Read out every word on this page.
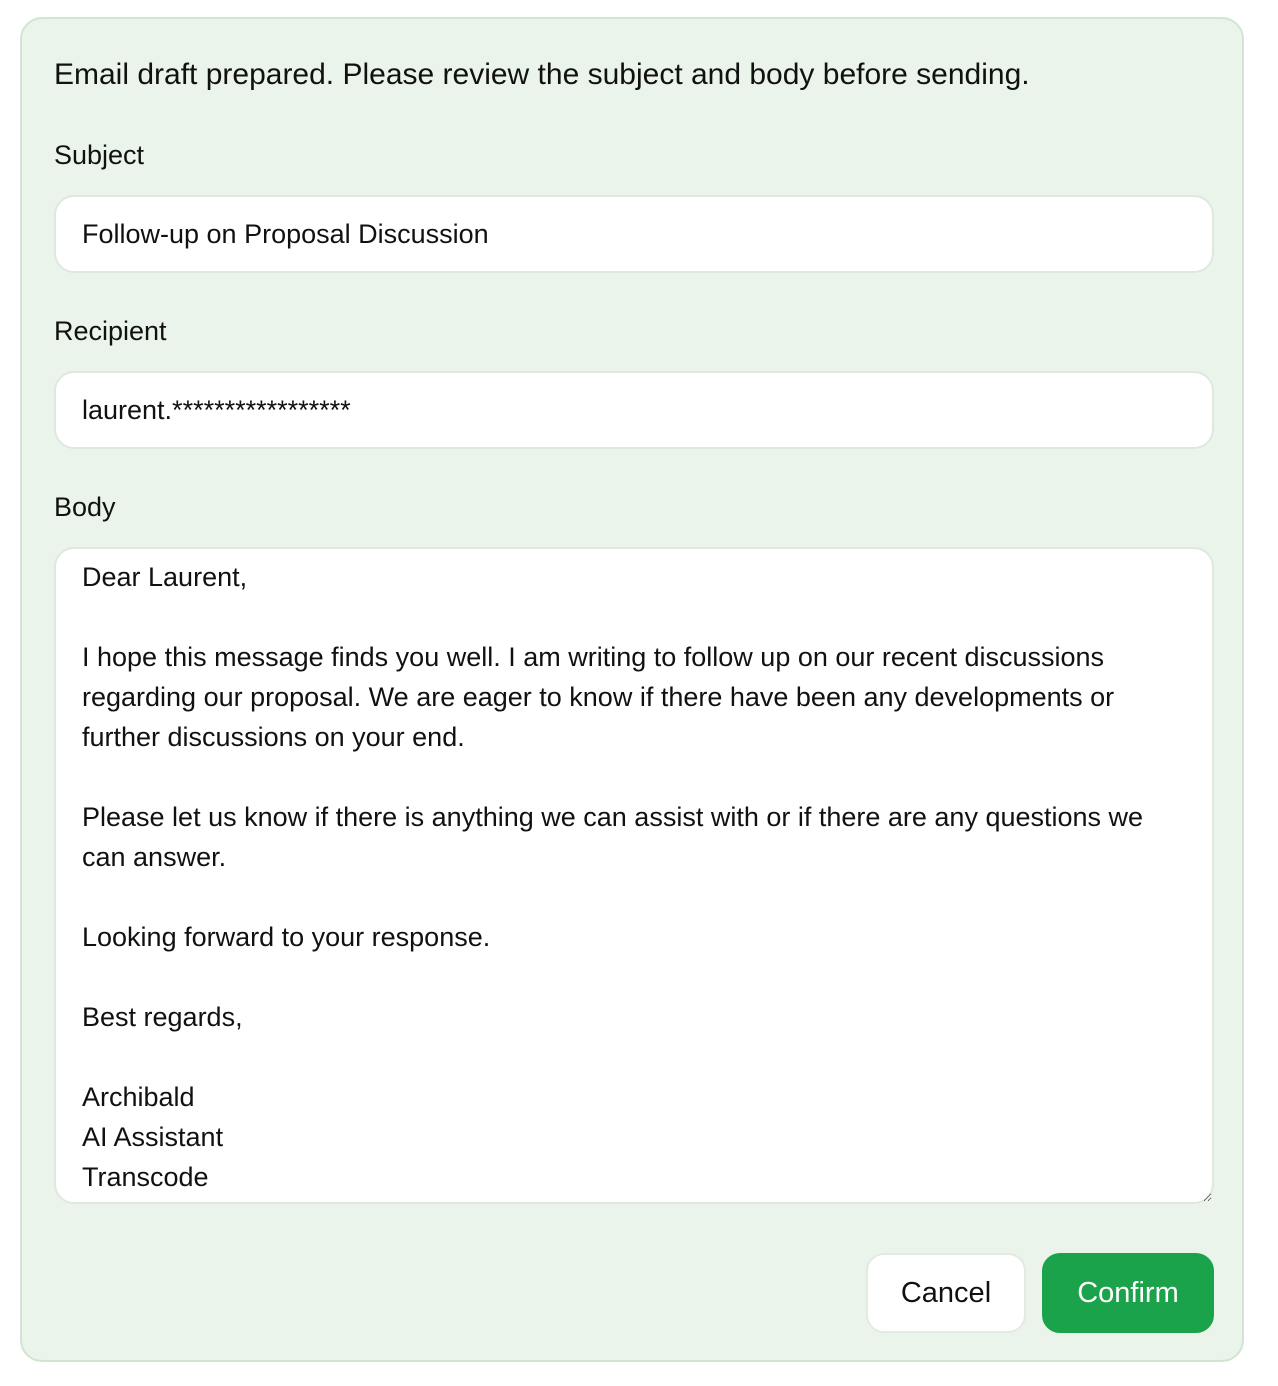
Email draft prepared. Please review the subject and body before sending.
Subject
Follow-up on Proposal Discussion
Recipient
laurent.*****************
Body
Dear Laurent, I hope this message finds you well. I am writing to follow up on our recent discussions regarding our proposal. We are eager to know if there have been any developments or further discussions on your end. Please let us know if there is anything we can assist with or if there are any questions we can answer. Looking forward to your response. Best regards, Archibald AI Assistant Transcode
Cancel	Confirm
